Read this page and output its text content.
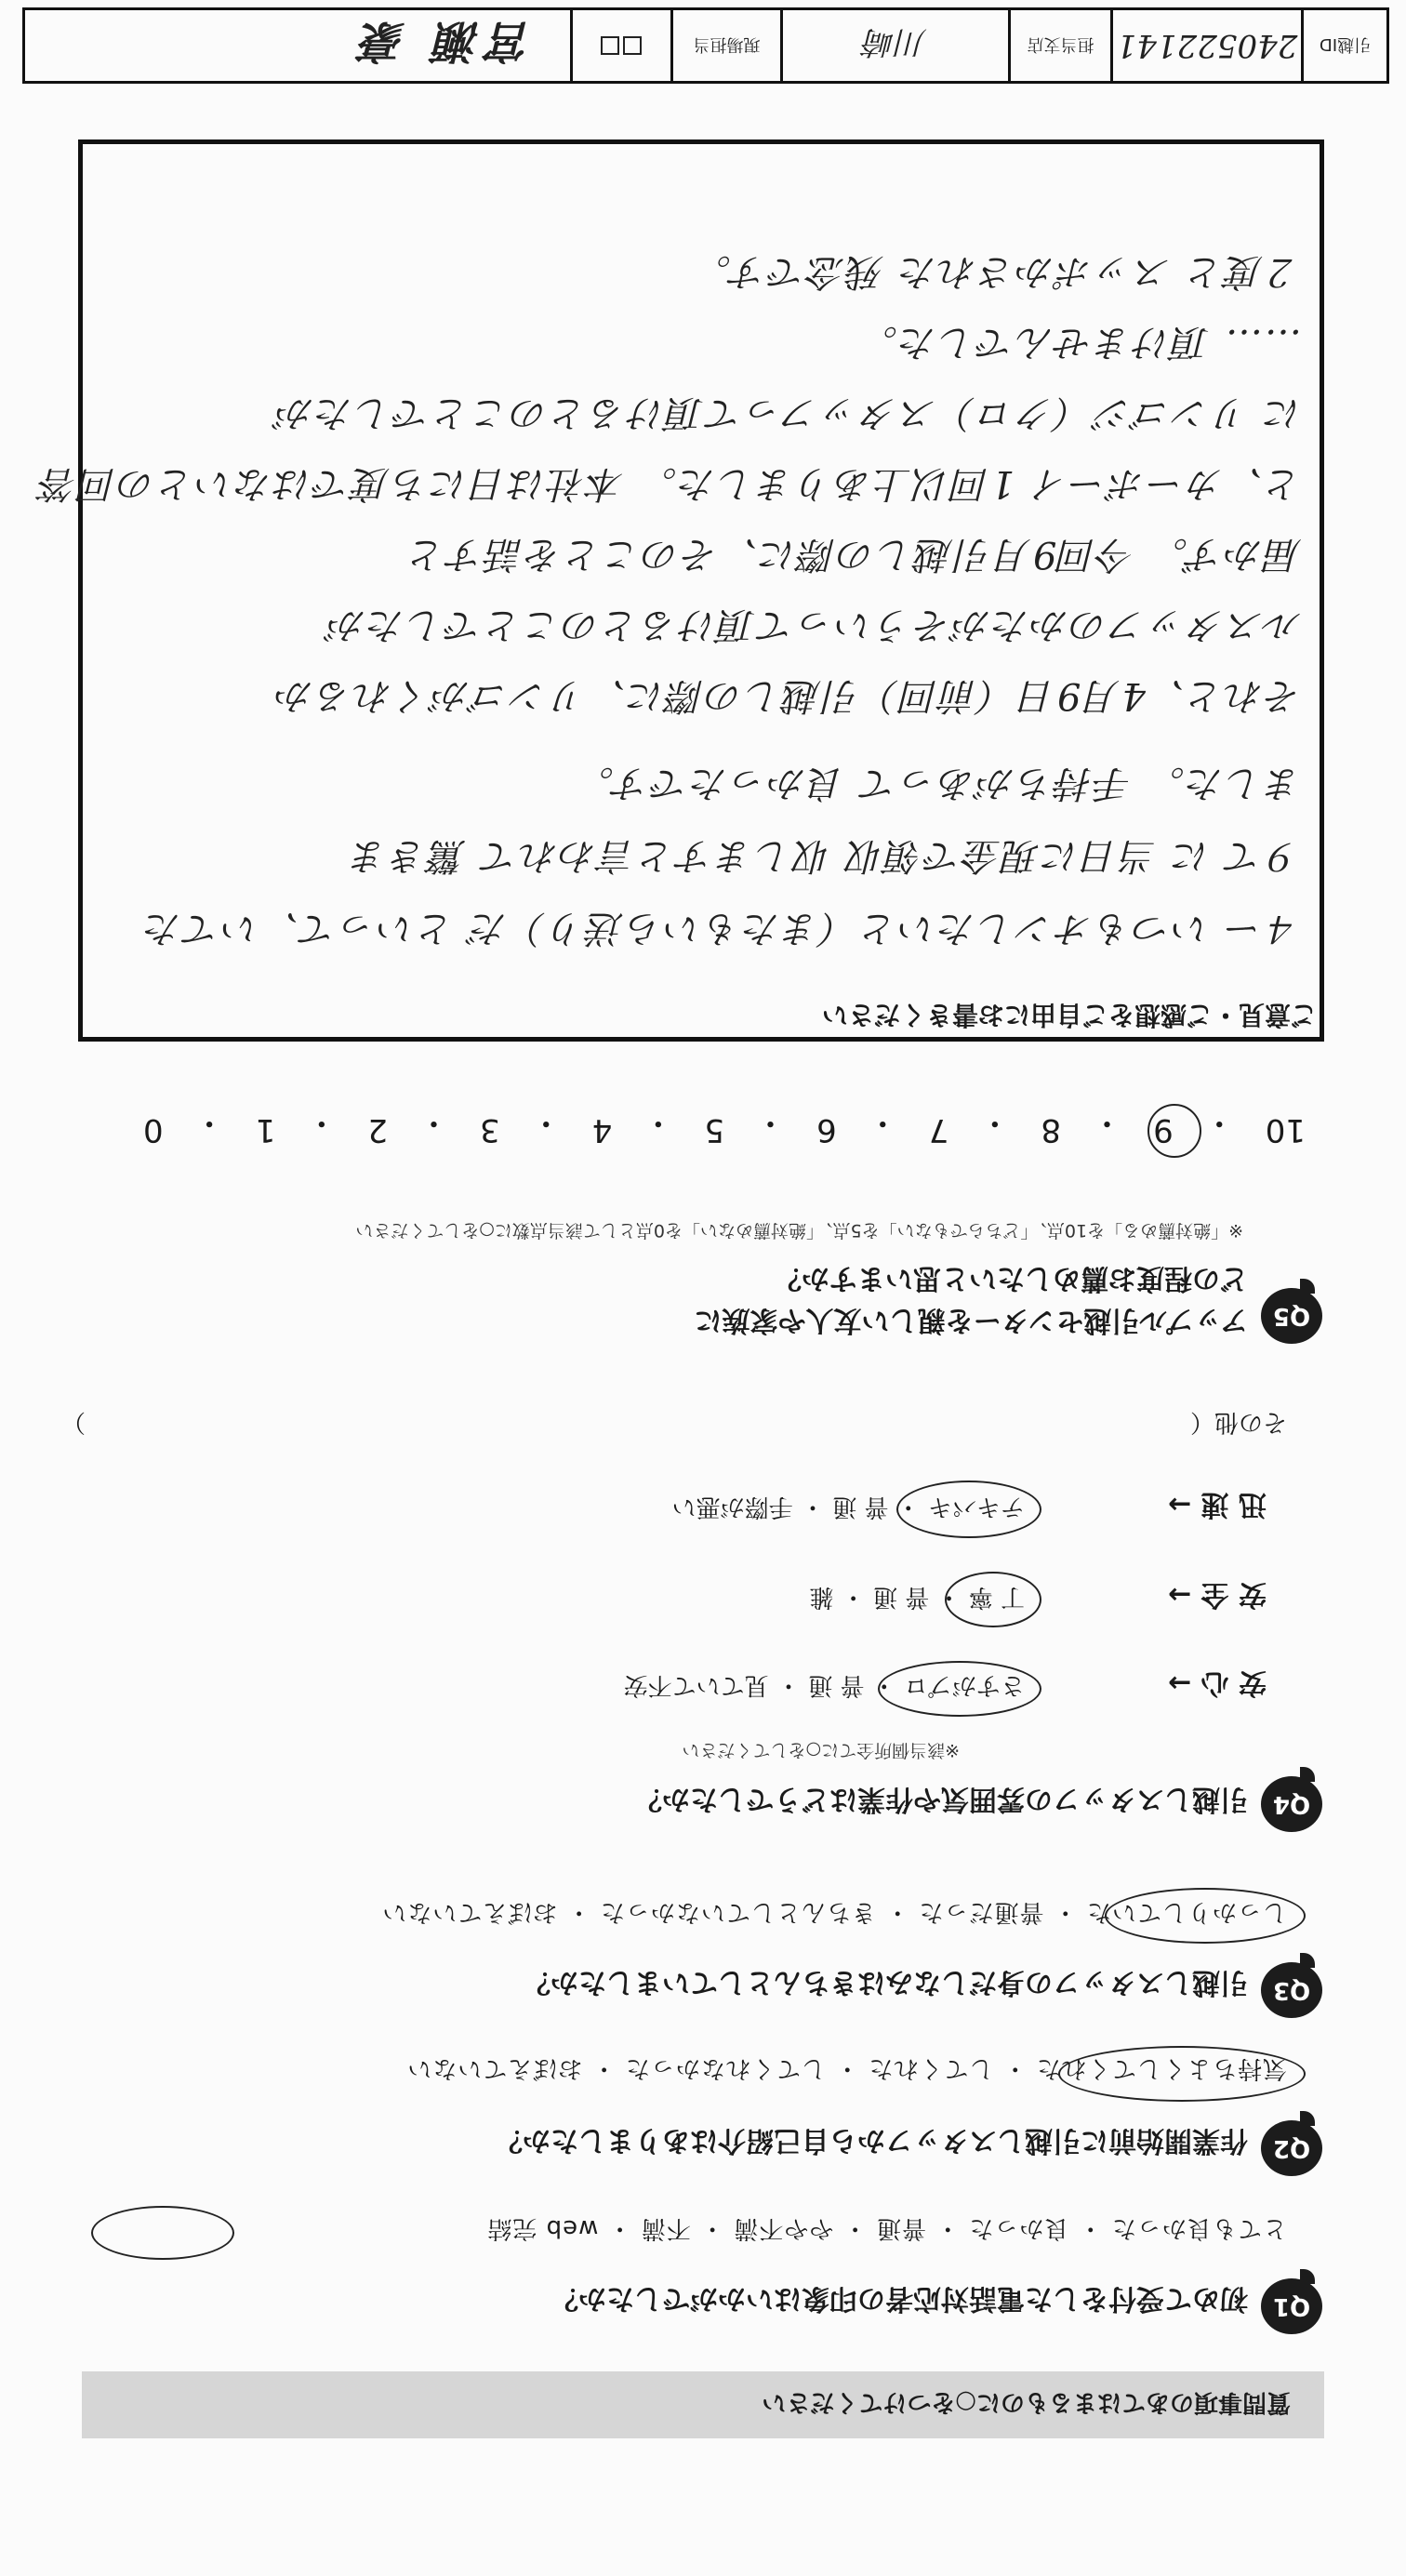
質問事項のあてはまるものに○をつけてください
Q1
初めて受付をした電話対応者の印象はいかがでしたか？
とても良かった ・ 良かった ・ 普通 ・ やや不満 ・ 不満 ・ web 完結
Q2
作業開始前に引越しスタッフから自己紹介はありましたか？
気持ちよくしてくれた ・ してくれた ・ してくれなかった ・ おぼえていない
Q3
引越しスタッフの身だしなみはきちんとしていましたか？
しっかりしていた ・ 普通だった ・ きちんとしていなかった ・ おぼえていない
Q4
引越しスタッフの雰囲気や作業はどうでしたか？
※該当個所全てに○をしてください
安 心 →
さすがプロ ・ 普 通 ・ 見ていて不安
安 全 →
丁 寧 ・ 普 通 ・ 雑
迅 速 →
テキパキ ・ 普 通 ・ 手際が悪い
その他（
）
Q5
アップル引越センターを親しい友人や家族に
どの程度お薦めしたいと思いますか？
※「絶対薦める」を10点、「どちらでもない」を5点、「絶対薦めない」を0点として該当点数に○をしてください
10
・
9
・
8
・
7
・
6
・
5
・
4
・
3
・
2
・
1
・
0
ご意見・ご感想をご自由にお書きください
４ー いつもオンしたいと（またもいら送り）だ といって、いてた
９て に 当日に現金で領収 収しますと言われて 驚きま
ました。 手持ちがあって 良かったです。
それと、4月9日（前回）引越しの際に、リンゴがくれるか
ルスタッフのかたがそういって頂けるとのことでしたが
届かず。 今回9月引越しの際に、そのことを話すと
と、カーボーイ 1回以上ありました。 本社は日にち度ではないとの回答
に リンゴジ（クロ）スタッフって頂けるとのことでしたが
…… 頂けませんでした。
２度と スッポかされた 残念です。
引越ID
240522141
担当支店
川崎
現場担当
宮瀬 豪
